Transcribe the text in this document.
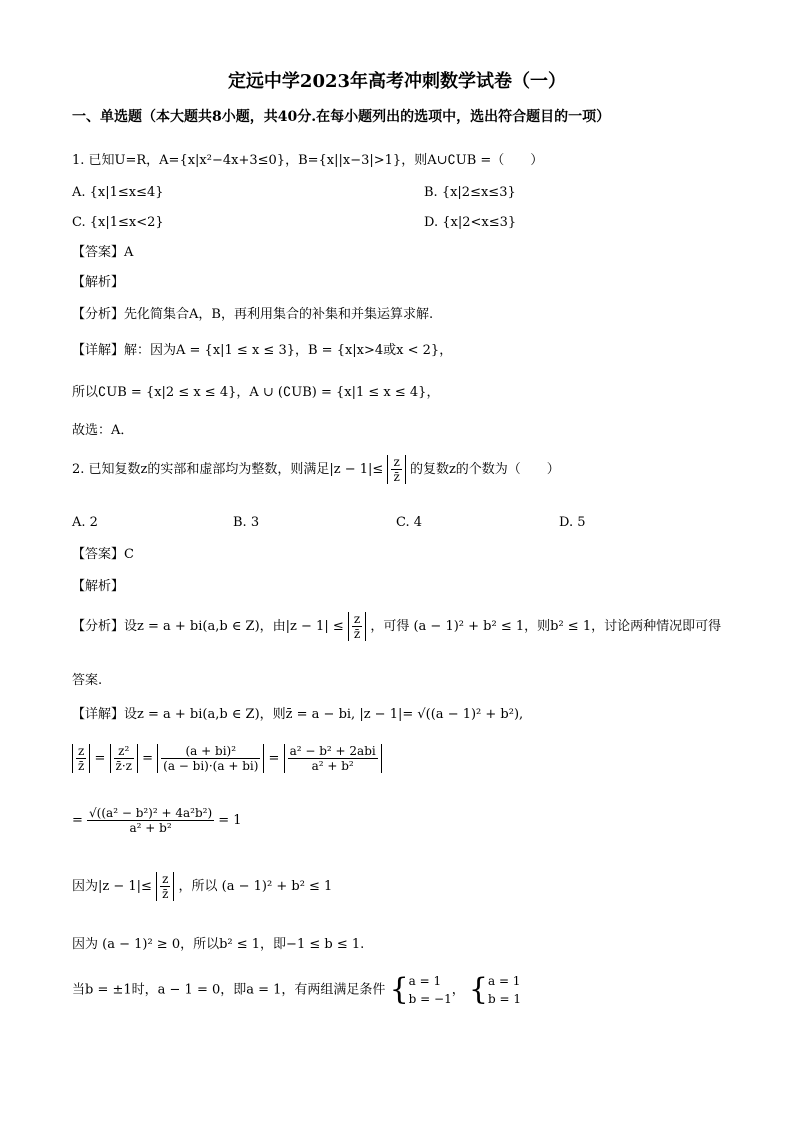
定远中学2023年高考冲刺数学试卷（一）
一、单选题（本大题共8小题，共40分.在每小题列出的选项中，选出符合题目的一项）
1. 已知U=R，A={x|x²−4x+3≤0}，B={x||x−3|>1}，则A∪∁UB =（　　）
A. {x|1≤x≤4}	B. {x|2≤x≤3}
C. {x|1≤x<2}	D. {x|2<x≤3}
【答案】A
【解析】
【分析】先化简集合A，B，再利用集合的补集和并集运算求解.
【详解】解：因为A = {x|1 ≤ x ≤ 3}，B = {x|x>4或x < 2}，
所以∁UB = {x|2 ≤ x ≤ 4}，A ∪ (∁UB) = {x|1 ≤ x ≤ 4}，
故选：A．
2. 已知复数z的实部和虚部均为整数，则满足$|z - 1|\le \frac{z}{z̄}$ 的复数z的个数为（　　）
A. 2	B. 3	C. 4	D. 5
【答案】C
【解析】
【分析】设z = a + bi(a,b ∈ Z)，由$|z - 1| \le \frac{z}{z̄}$ ，可得 (a − 1)² + b² ≤ 1，则b² ≤ 1，讨论两种情况即可得
答案.
【详解】设z = a + bi(a,b ∈ Z)，则z̄ = a − bi, |z − 1|= √((a − 1)² + b²),
$\frac{z}{z̄} = \frac{\text{z²}}{z̄\cdot z} = \frac{\text{(a + bi)²}}{(a - bi)\cdot(a + bi)} = \frac{\text{a² − b² + 2abi}}{\text{a² + b²}}$
= $\frac{\text{√((a² − b²)² + 4a²b²)}}{\text{a² + b²}} = 1$
因为$|z - 1|\le \frac{z}{z̄}$ ，所以 (a − 1)² + b² ≤ 1
因为 (a − 1)² ≥ 0，所以b² ≤ 1，即−1 ≤ b ≤ 1.
当b = ±1时，a − 1 = 0，即a = 1，有两组满足条件 { a = 1
b = −1
， { a = 1
b = 1
